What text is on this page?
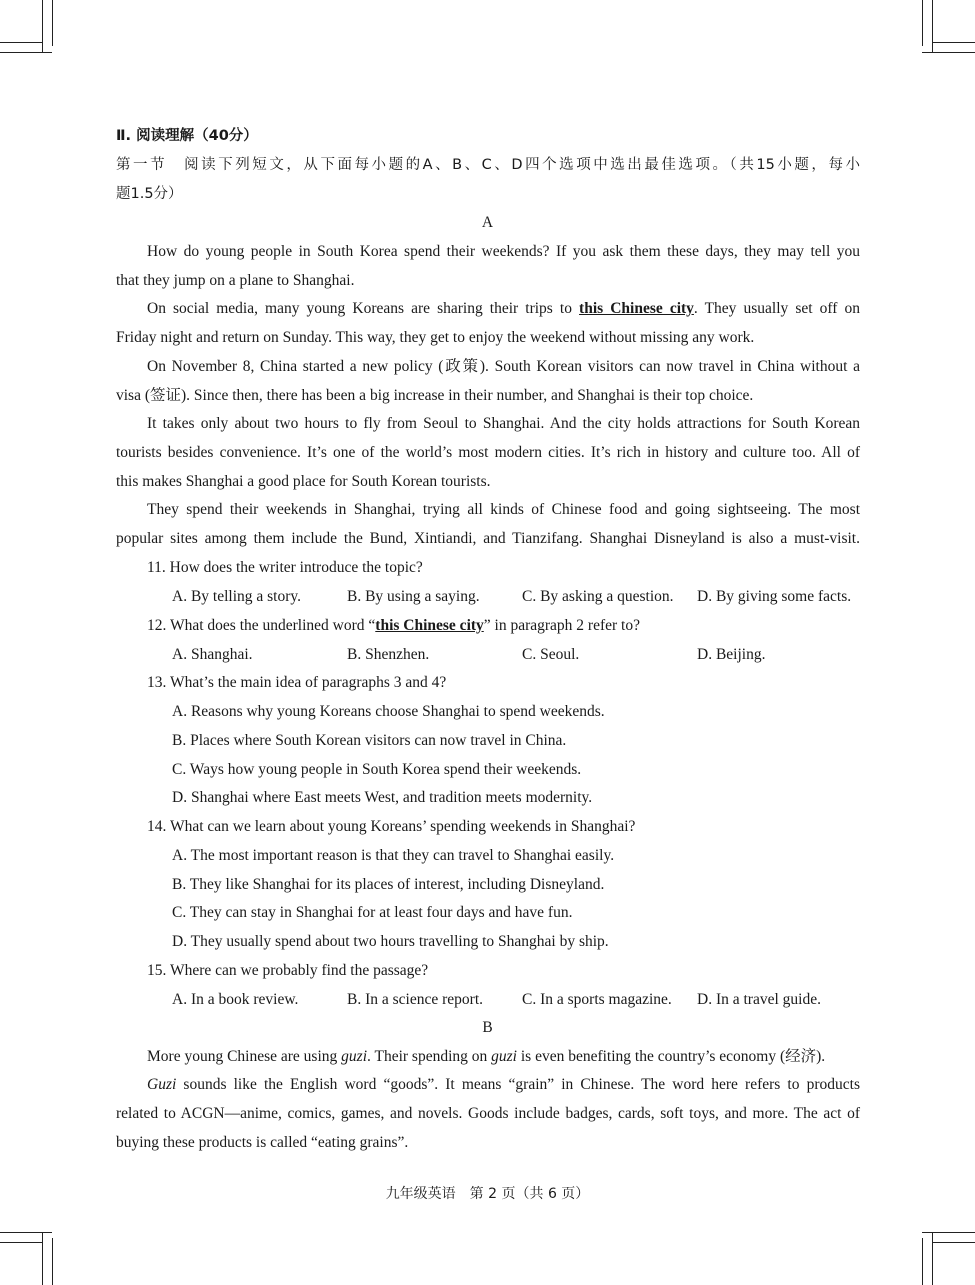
Ⅱ. 阅读理解（40分）
第一节　阅读下列短文，从下面每小题的A、B、C、D四个选项中选出最佳选项。（共15小题，每小
题1.5分）
A
How do young people in South Korea spend their weekends? If you ask them these days, they may tell you
that they jump on a plane to Shanghai.
On social media, many young Koreans are sharing their trips to this Chinese city. They usually set off on
Friday night and return on Sunday. This way, they get to enjoy the weekend without missing any work.
On November 8, China started a new policy (政策). South Korean visitors can now travel in China without a
visa (签证). Since then, there has been a big increase in their number, and Shanghai is their top choice.
It takes only about two hours to fly from Seoul to Shanghai. And the city holds attractions for South Korean
tourists besides convenience. It’s one of the world’s most modern cities. It’s rich in history and culture too. All of
this makes Shanghai a good place for South Korean tourists.
They spend their weekends in Shanghai, trying all kinds of Chinese food and going sightseeing. The most
popular sites among them include the Bund, Xintiandi, and Tianzifang. Shanghai Disneyland is also a must-visit.
11. How does the writer introduce the topic?
A. By telling a story.	B. By using a saying.	C. By asking a question. D. By giving some facts.
12. What does the underlined word “this Chinese city” in paragraph 2 refer to?
A. Shanghai.	B. Shenzhen.	C. Seoul.	D. Beijing.
13. What’s the main idea of paragraphs 3 and 4?
A. Reasons why young Koreans choose Shanghai to spend weekends.
B. Places where South Korean visitors can now travel in China.
C. Ways how young people in South Korea spend their weekends.
D. Shanghai where East meets West, and tradition meets modernity.
14. What can we learn about young Koreans’ spending weekends in Shanghai?
A. The most important reason is that they can travel to Shanghai easily.
B. They like Shanghai for its places of interest, including Disneyland.
C. They can stay in Shanghai for at least four days and have fun.
D. They usually spend about two hours travelling to Shanghai by ship.
15. Where can we probably find the passage?
A. In a book review.	B. In a science report.	C. In a sports magazine. D. In a travel guide.
B
More young Chinese are using guzi. Their spending on guzi is even benefiting the country’s economy (经济).
Guzi sounds like the English word “goods”. It means “grain” in Chinese. The word here refers to products
related to ACGN—anime, comics, games, and novels. Goods include badges, cards, soft toys, and more. The act of
buying these products is called “eating grains”.
九年级英语　第 2 页（共 6 页）
